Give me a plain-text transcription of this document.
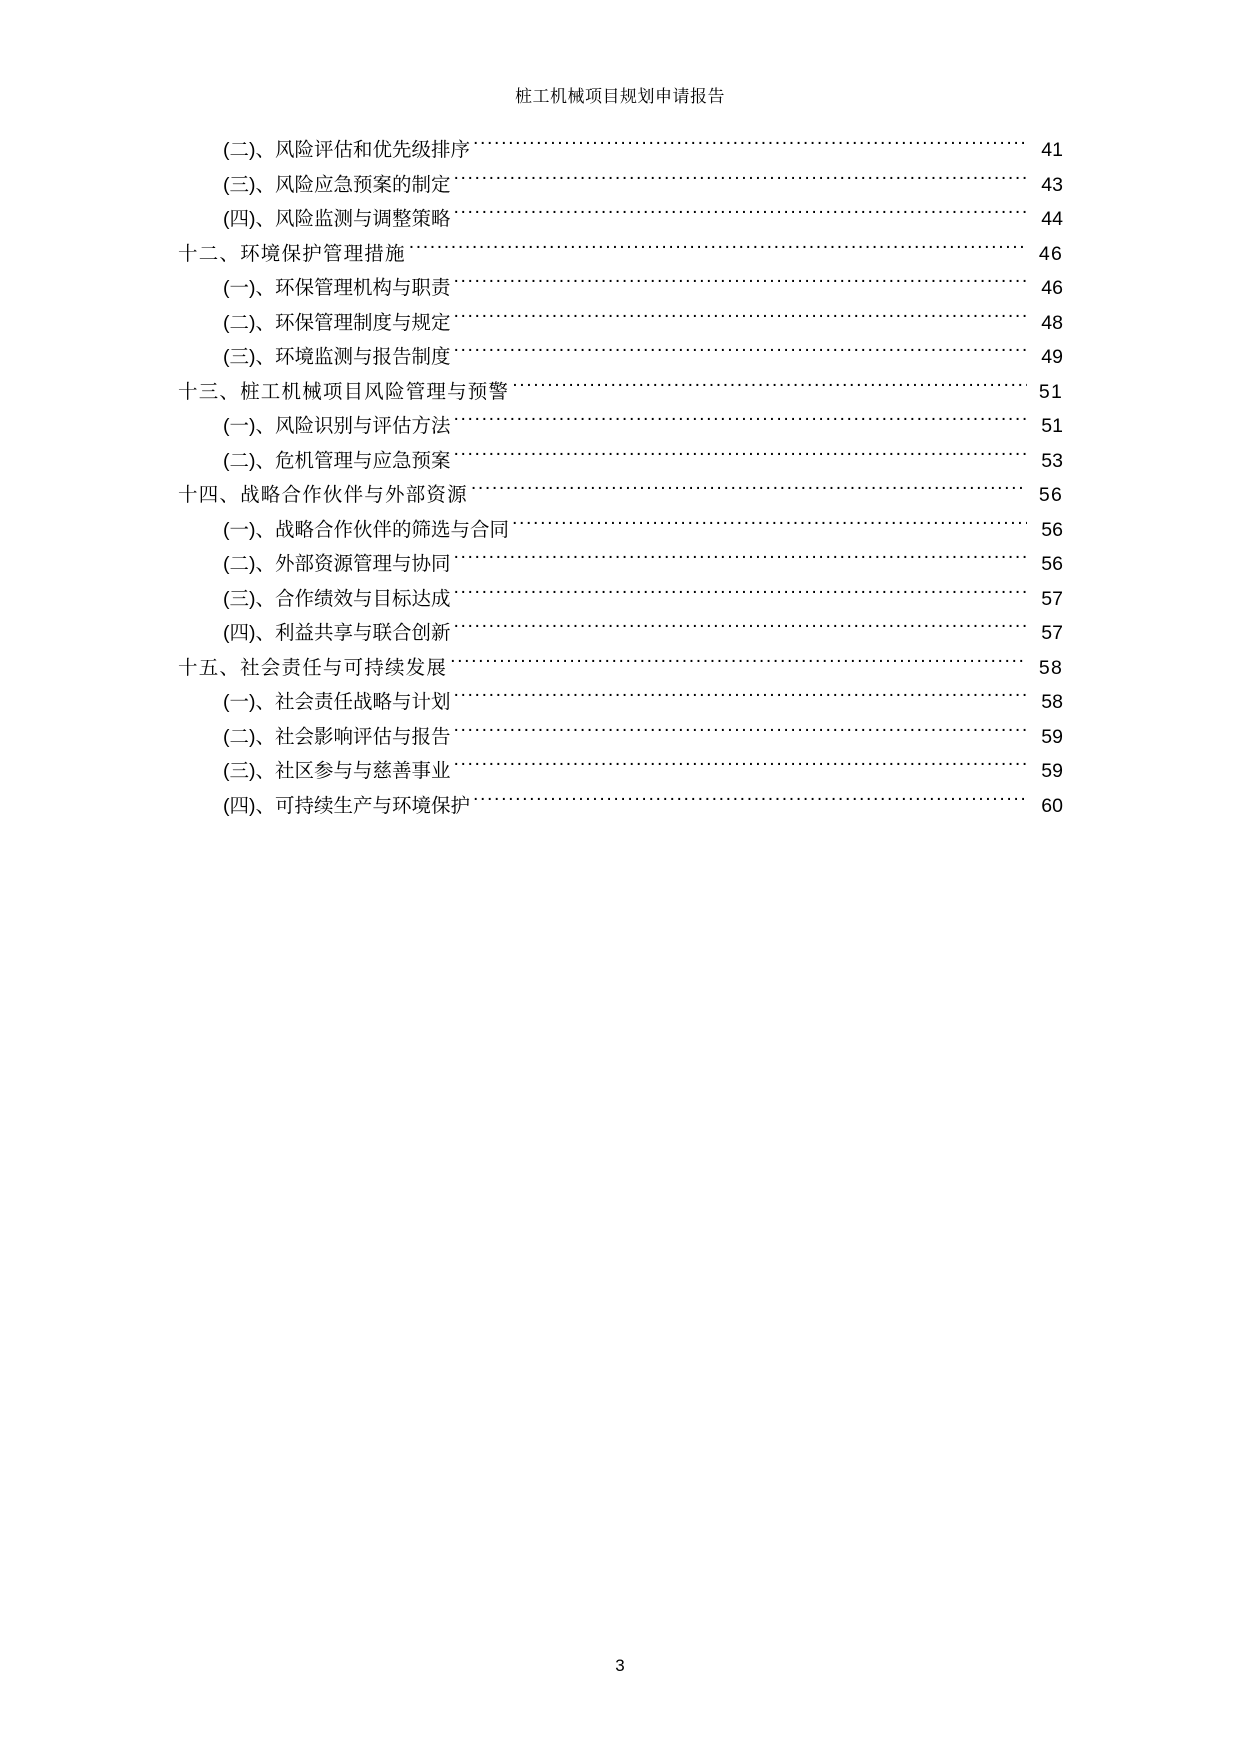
桩工机械项目规划申请报告
(二)、风险评估和优先级排序 .....	41
(三)、风险应急预案的制定 .....	43
(四)、风险监测与调整策略 .....	44
十二、环境保护管理措施 .....	46
(一)、环保管理机构与职责 .....	46
(二)、环保管理制度与规定 .....	48
(三)、环境监测与报告制度 .....	49
十三、桩工机械项目风险管理与预警 .....	51
(一)、风险识别与评估方法 .....	51
(二)、危机管理与应急预案 .....	53
十四、战略合作伙伴与外部资源 .....	56
(一)、战略合作伙伴的筛选与合同 .....	56
(二)、外部资源管理与协同 .....	56
(三)、合作绩效与目标达成 .....	57
(四)、利益共享与联合创新 .....	57
十五、社会责任与可持续发展 .....	58
(一)、社会责任战略与计划 .....	58
(二)、社会影响评估与报告 .....	59
(三)、社区参与与慈善事业 .....	59
(四)、可持续生产与环境保护 .....	60
3
